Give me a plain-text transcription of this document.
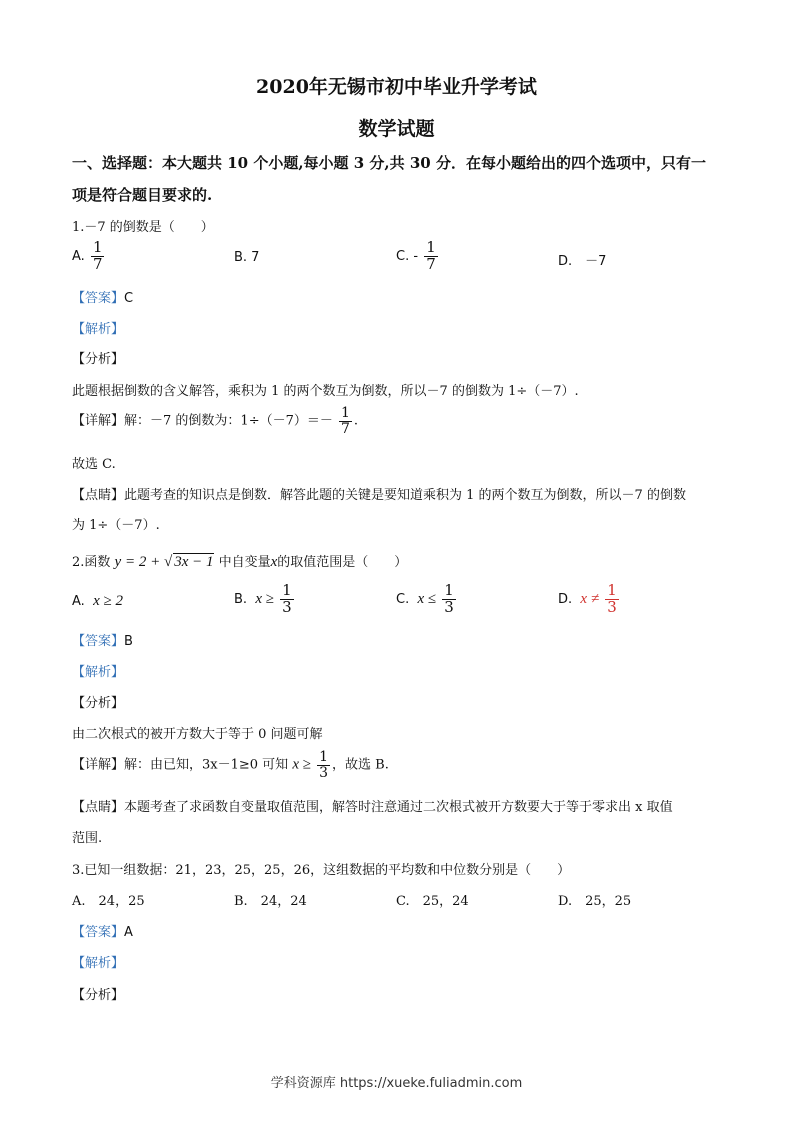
2020年无锡市初中毕业升学考试
数学试题
一、选择题：本大题共 10 个小题,每小题 3 分,共 30 分．在每小题给出的四个选项中，只有一
项是符合题目要求的.
1.－7 的倒数是（　　）
A. $\frac{1}{7}$	B. 7	C. - $\frac{1}{7}$	D.　－7
【答案】C
【解析】
【分析】
此题根据倒数的含义解答，乘积为 1 的两个数互为倒数，所以－7 的倒数为 1÷（－7）.
【详解】解：－7 的倒数为：$1\div(-7)=- \frac{1}{7}$ .
故选 C.
【点睛】此题考查的知识点是倒数．解答此题的关键是要知道乘积为 1 的两个数互为倒数，所以－7 的倒数
为 1÷（－7）.
2.函数 y = 2 + √ 3x − 1 中自变量x的取值范围是（　　）
A. x ≥ 2	B. $x \ge \frac{1}{3}$	C. $x \le \frac{1}{3}$	D. $x \ne \frac{1}{3}$
【答案】B
【解析】
【分析】
由二次根式的被开方数大于等于 0 问题可解
【详解】解：由已知，3x－1≥0 可知 $x \ge \frac{1}{3}$ ，故选 B.
【点睛】本题考查了求函数自变量取值范围，解答时注意通过二次根式被开方数要大于等于零求出 x 取值
范围.
3.已知一组数据：21，23，25，25，26，这组数据的平均数和中位数分别是（　　）
A.　24，25	B.　24，24	C.　25，24	D.　25，25
【答案】A
【解析】
【分析】
学科资源库 https://xueke.fuliadmin.com
